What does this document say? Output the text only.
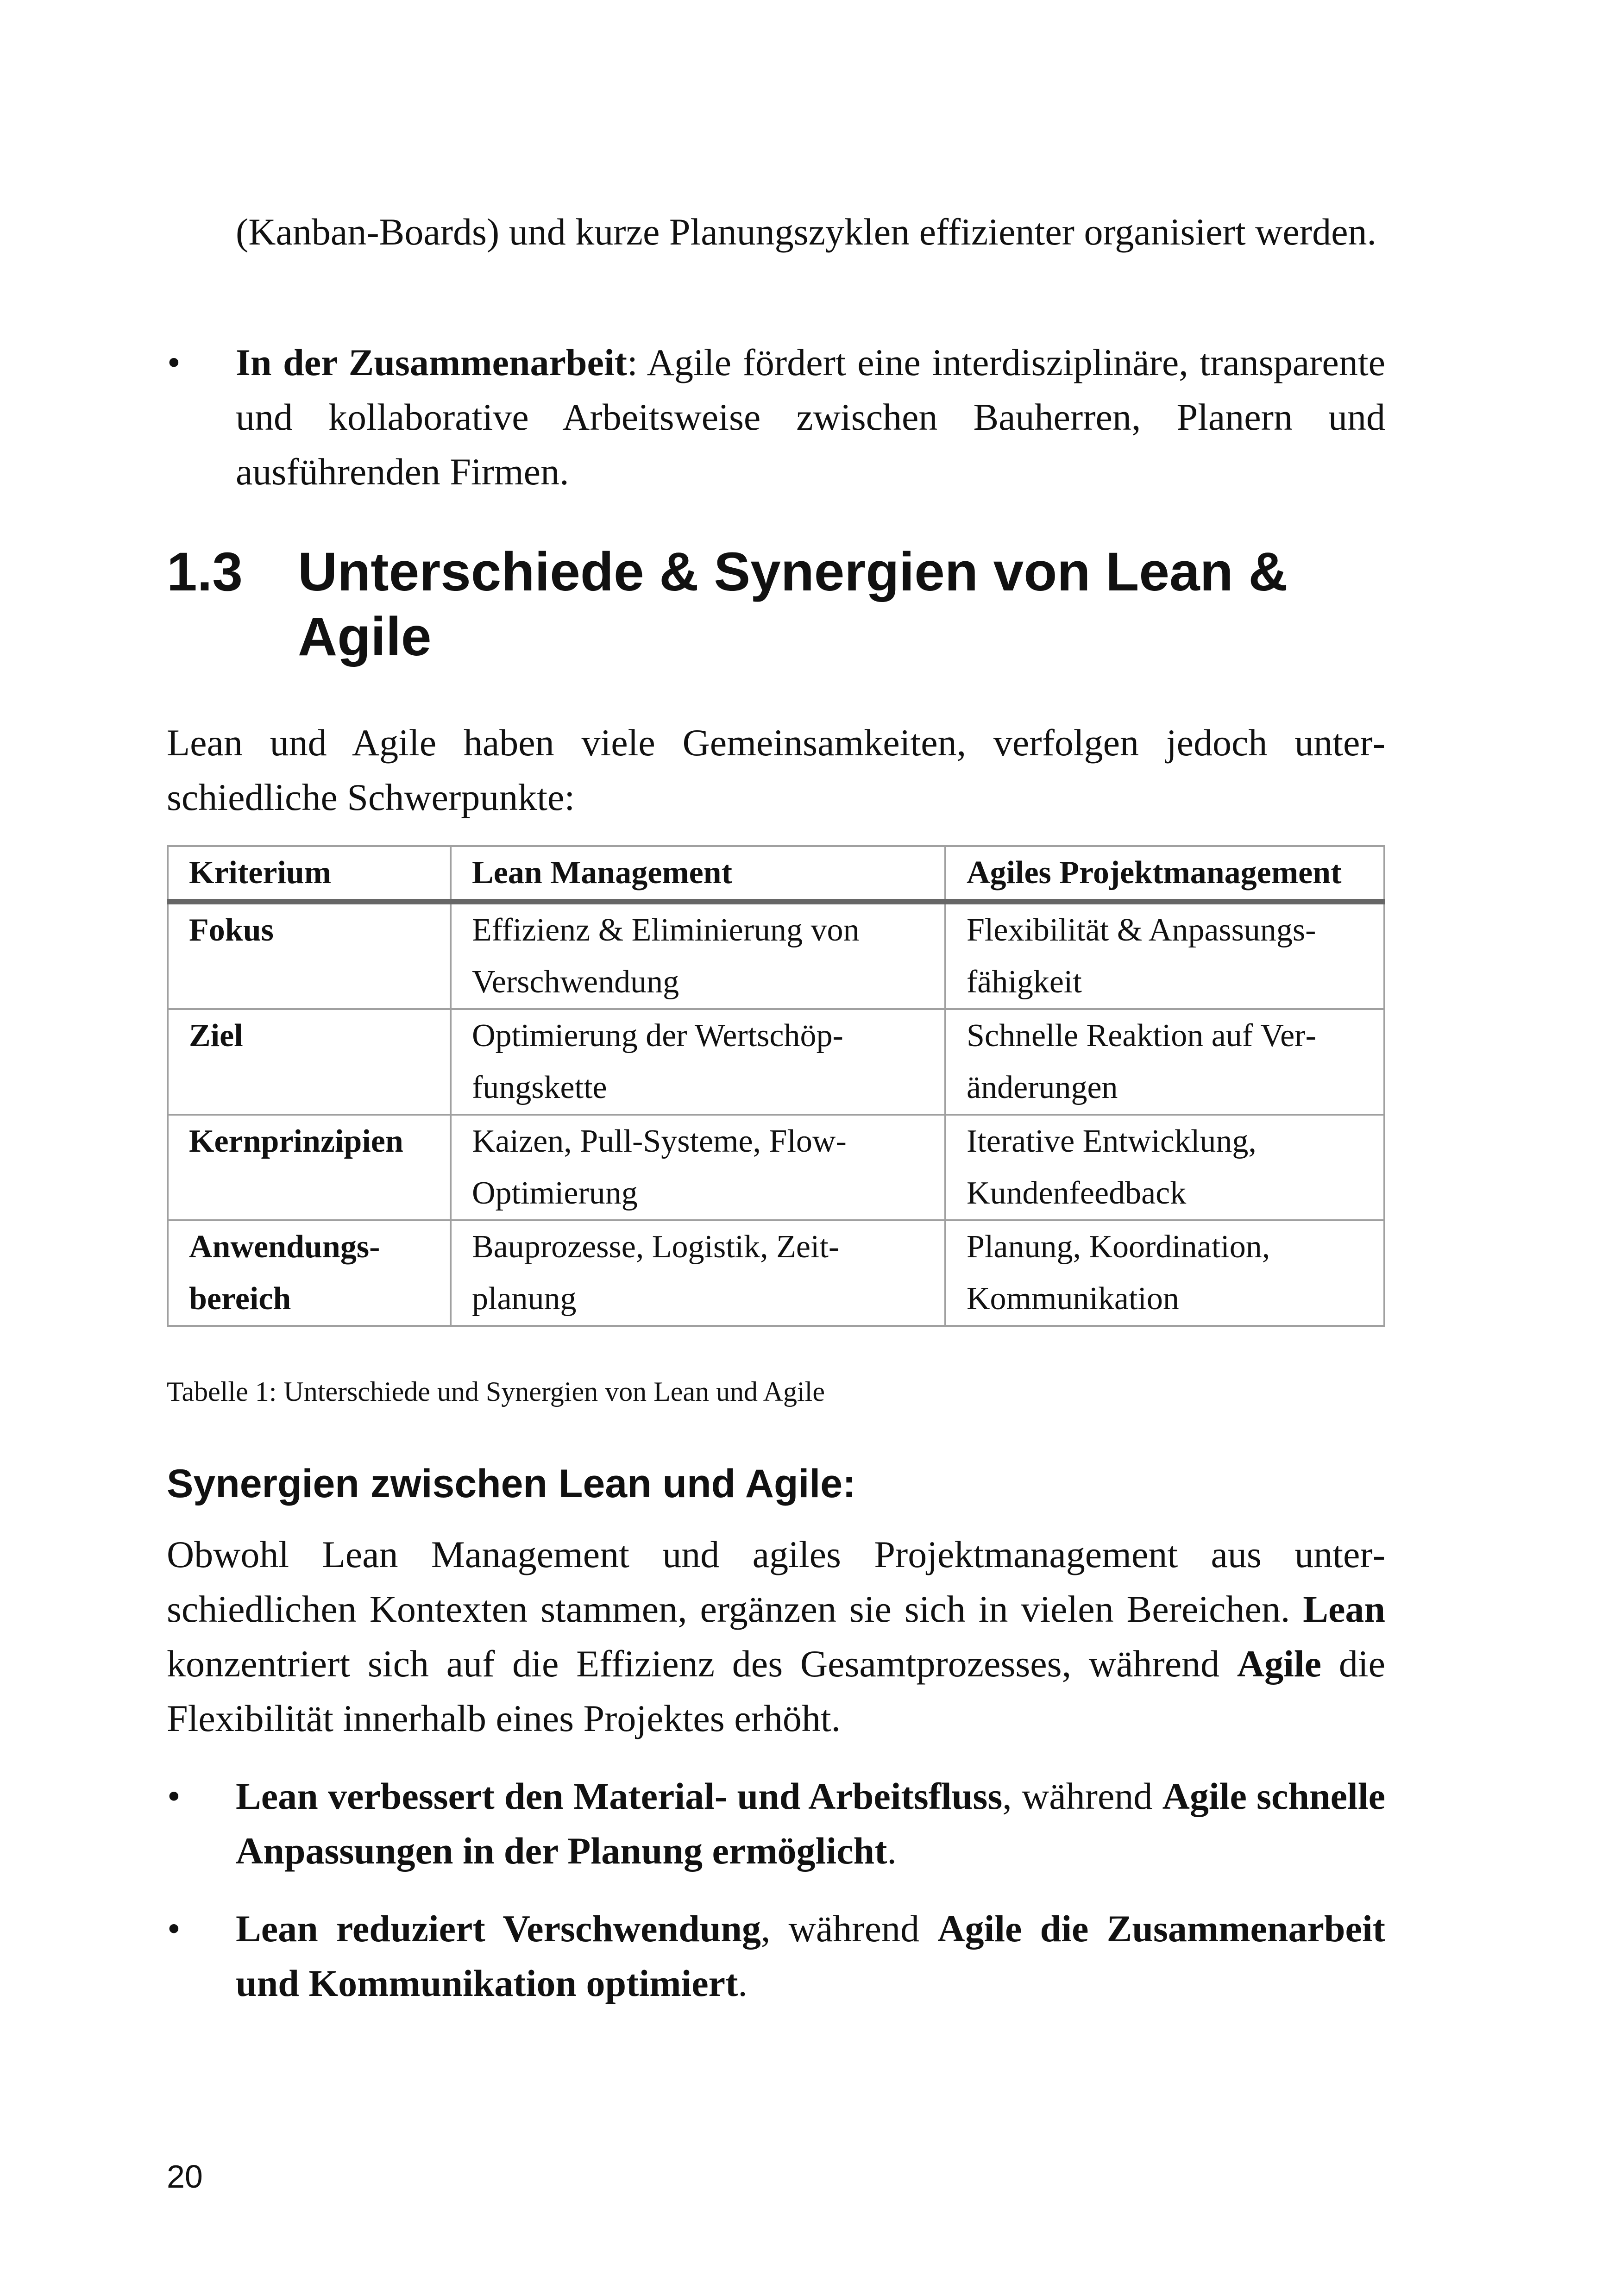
(Kanban-Boards) und kurze Planungszyklen effizienter organisiert werden.
• In der Zusammenarbeit: Agile fördert eine interdisziplinäre, transparente und kollaborative Arbeitsweise zwischen Bauherren, Planern und ausführenden Firmen.
1.3 Unterschiede & Synergien von Lean & Agile
Lean und Agile haben viele Gemeinsamkeiten, verfolgen jedoch unterschiedliche Schwerpunkte:
Kriterium	Lean Management	Agiles Projektmanagement
Fokus	Effizienz & Eliminierung von Verschwendung	Flexibilität & Anpassungsfähigkeit
Ziel	Optimierung der Wertschöpfungskette	Schnelle Reaktion auf Veränderungen
Kernprinzipien	Kaizen, Pull-Systeme, Flow-Optimierung	Iterative Entwicklung, Kundenfeedback
Anwendungsbereich	Bauprozesse, Logistik, Zeitplanung	Planung, Koordination, Kommunikation
Tabelle 1: Unterschiede und Synergien von Lean und Agile
Synergien zwischen Lean und Agile:
Obwohl Lean Management und agiles Projektmanagement aus unterschiedlichen Kontexten stammen, ergänzen sie sich in vielen Bereichen. Lean konzentriert sich auf die Effizienz des Gesamtprozesses, während Agile die Flexibilität innerhalb eines Projektes erhöht.
• Lean verbessert den Material- und Arbeitsfluss, während Agile schnelle Anpassungen in der Planung ermöglicht.
• Lean reduziert Verschwendung, während Agile die Zusammenarbeit und Kommunikation optimiert.
20
